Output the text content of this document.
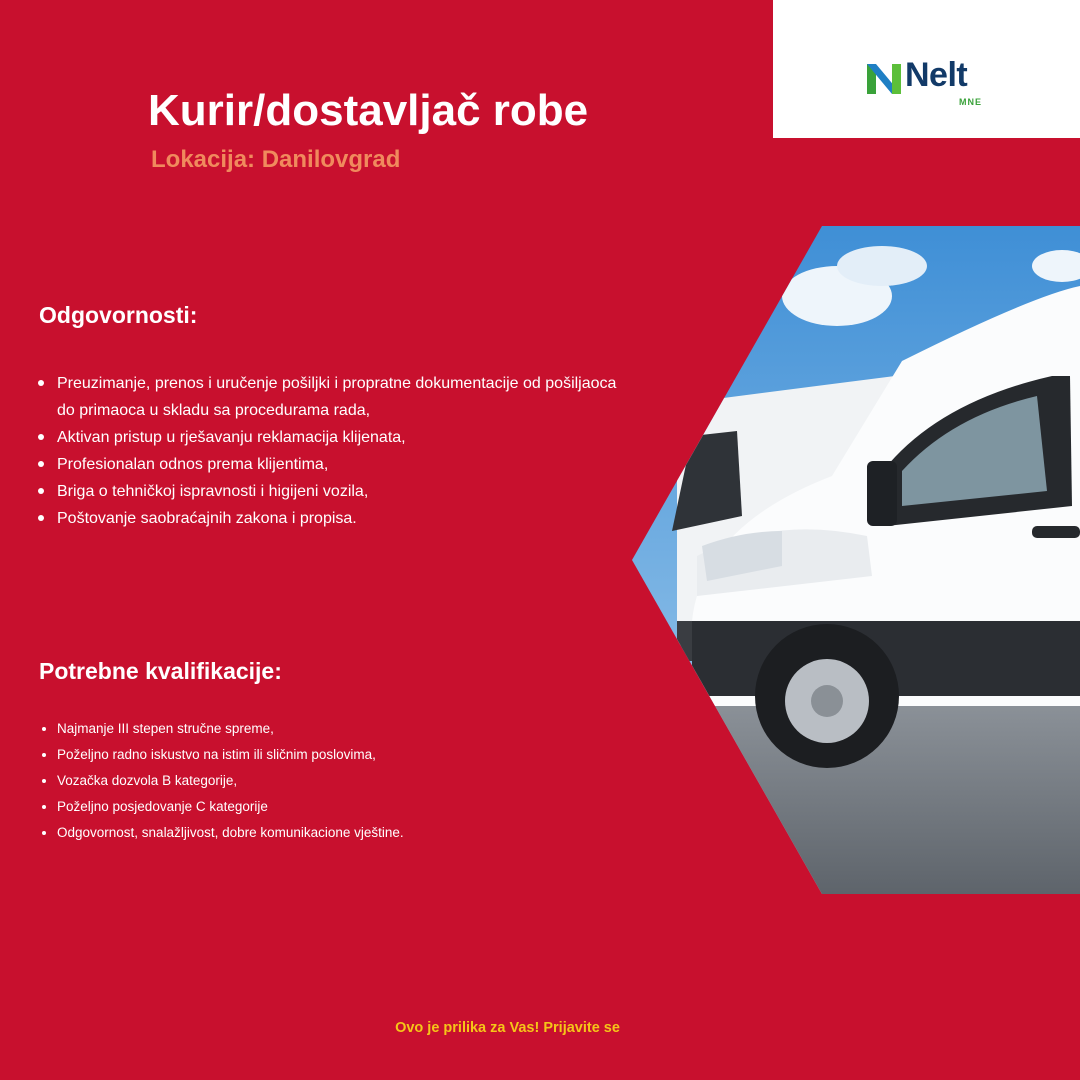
Nelt
MNE
Kurir/dostavljač robe
Lokacija: Danilovgrad
Odgovornosti:
Preuzimanje, prenos i uručenje pošiljki i propratne dokumentacije od pošiljaoca do primaoca u skladu sa procedurama rada,
Aktivan pristup u rješavanju reklamacija klijenata,
Profesionalan odnos prema klijentima,
Briga o tehničkoj ispravnosti i higijeni vozila,
Poštovanje saobraćajnih zakona i propisa.
Potrebne kvalifikacije:
Najmanje III stepen stručne spreme,
Poželjno radno iskustvo na istim ili sličnim poslovima,
Vozačka dozvola B kategorije,
Poželjno posjedovanje C kategorije
Odgovornost, snalažljivost, dobre komunikacione vještine.
Ovo je prilika za Vas! Prijavite se
